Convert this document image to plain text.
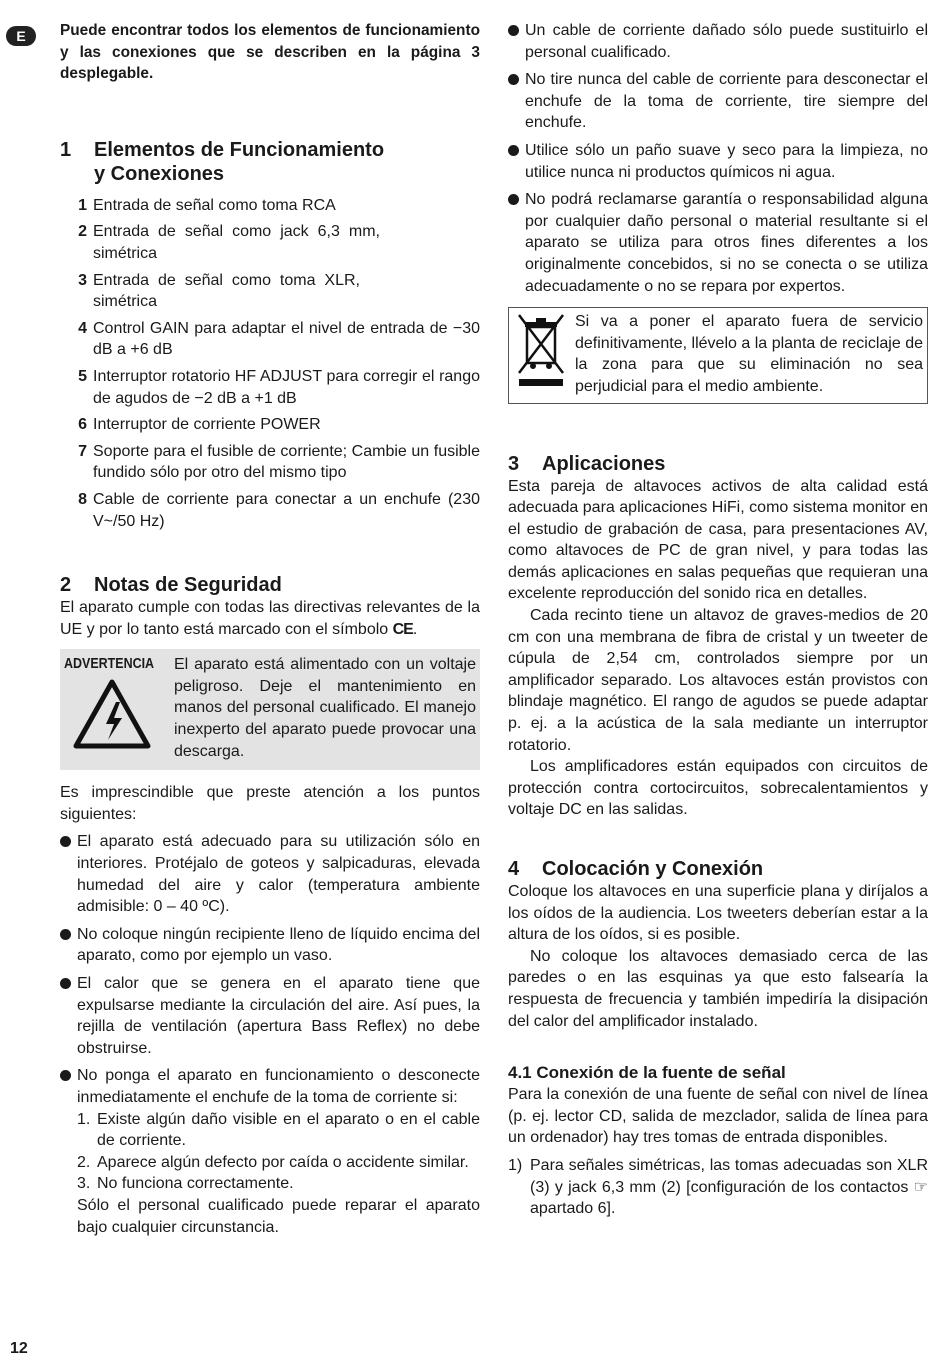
E Puede encontrar todos los elementos de funcionamiento y las conexiones que se describen en la página 3 desplegable.

1	Elementos de Funcionamiento
y Conexiones
1 Entrada de señal como toma RCA
2 Entrada de señal como jack 6,3 mm, simétrica
3 Entrada de señal como toma XLR, simétrica
4 Control GAIN para adaptar el nivel de entrada de −30 dB a +6 dB
5 Interruptor rotatorio HF ADJUST para corregir el rango de agudos de −2 dB a +1 dB
6 Interruptor de corriente POWER
7 Soporte para el fusible de corriente; Cambie un fusible fundido sólo por otro del mismo tipo
8 Cable de corriente para conectar a un enchufe (230 V~/50 Hz)
2	Notas de Seguridad

El aparato cumple con todas las directivas relevantes de la UE y por lo tanto está marcado con el símbolo CE.

ADVERTENCIA El aparato está alimentado con un voltaje peligroso. Deje el mantenimiento en manos del personal cualificado. El manejo inexperto del aparato puede provocar una descarga.

Es imprescindible que preste atención a los puntos siguientes:

El aparato está adecuado para su utilización sólo en interiores. Protéjalo de goteos y salpicaduras, elevada humedad del aire y calor (temperatura ambiente admisible: 0 – 40 ºC).
No coloque ningún recipiente lleno de líquido encima del aparato, como por ejemplo un vaso.
El calor que se genera en el aparato tiene que expulsarse mediante la circulación del aire. Así pues, la rejilla de ventilación (apertura Bass Reflex) no debe obstruirse.
No ponga el aparato en funcionamiento o desconecte inmediatamente el enchufe de la toma de corriente si:
1. Existe algún daño visible en el aparato o en el cable de corriente.
2. Aparece algún defecto por caída o accidente similar.
3. No funciona correctamente.
Sólo el personal cualificado puede reparar el aparato bajo cualquier circunstancia.
Un cable de corriente dañado sólo puede sustituirlo el personal cualificado.
No tire nunca del cable de corriente para desconectar el enchufe de la toma de corriente, tire siempre del enchufe.
Utilice sólo un paño suave y seco para la limpieza, no utilice nunca ni productos químicos ni agua.
No podrá reclamarse garantía o responsabilidad alguna por cualquier daño personal o material resultante si el aparato se utiliza para otros fines diferentes a los originalmente concebidos, si no se conecta o se utiliza adecuadamente o no se repara por expertos.
Si va a poner el aparato fuera de servicio definitivamente, llévelo a la planta de reciclaje de la zona para que su eliminación no sea perjudicial para el medio ambiente.
3	Aplicaciones

Esta pareja de altavoces activos de alta calidad está adecuada para aplicaciones HiFi, como sistema monitor en el estudio de grabación de casa, para presentaciones AV, como altavoces de PC de gran nivel, y para todas las demás aplicaciones en salas pequeñas que requieran una excelente reproducción del sonido rica en detalles.

Cada recinto tiene un altavoz de graves-medios de 20 cm con una membrana de fibra de cristal y un tweeter de cúpula de 2,54 cm, controlados siempre por un amplificador separado. Los altavoces están provistos con blindaje magnético. El rango de agudos se puede adaptar p. ej. a la acústica de la sala mediante un interruptor rotatorio.

Los amplificadores están equipados con circuitos de protección contra cortocircuitos, sobrecalentamientos y voltaje DC en las salidas.

4	Colocación y Conexión

Coloque los altavoces en una superficie plana y diríjalos a los oídos de la audiencia. Los tweeters deberían estar a la altura de los oídos, si es posible.

No coloque los altavoces demasiado cerca de las paredes o en las esquinas ya que esto falsearía la respuesta de frecuencia y también impediría la disipación del calor del amplificador instalado.

4.1 Conexión de la fuente de señal

Para la conexión de una fuente de señal con nivel de línea (p. ej. lector CD, salida de mezclador, salida de línea para un ordenador) hay tres tomas de entrada disponibles.

1) Para señales simétricas, las tomas adecuadas son XLR (3) y jack 6,3 mm (2) [configuración de los contactos ☞ apartado 6].
12
